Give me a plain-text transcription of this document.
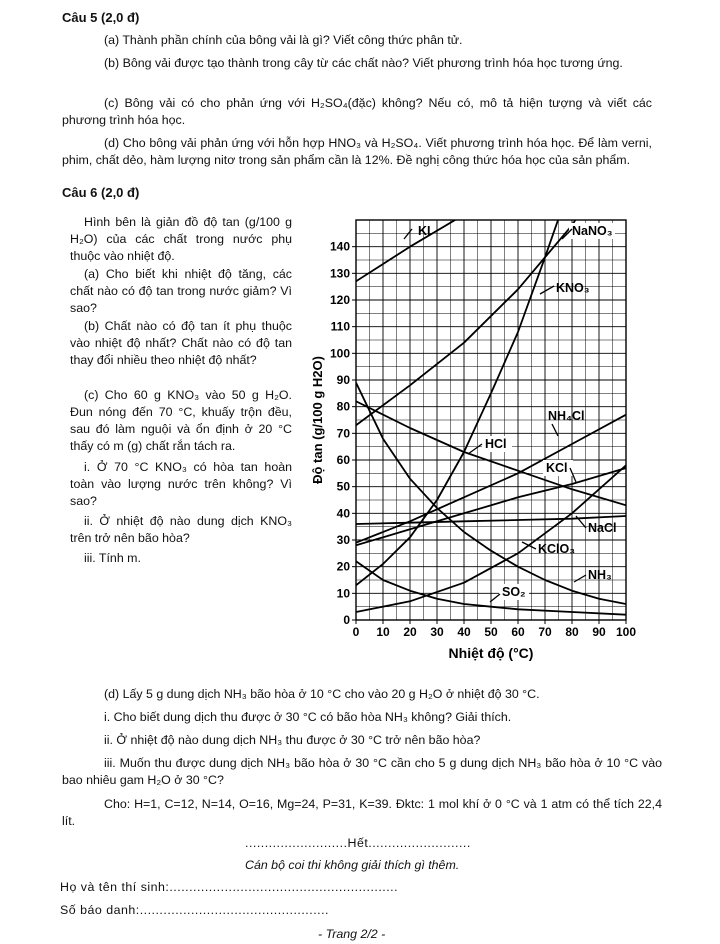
Câu 5 (2,0 đ)
(a) Thành phần chính của bông vải là gì? Viết công thức phân tử.
(b) Bông vải được tạo thành trong cây từ các chất nào? Viết phương trình hóa học tương ứng.
(c) Bông vải có cho phản ứng với H₂SO₄(đặc) không? Nếu có, mô tả hiện tượng và viết các phương trình hóa học.
(d) Cho bông vải phản ứng với hỗn hợp HNO₃ và H₂SO₄. Viết phương trình hóa học. Để làm verni, phim, chất dẻo, hàm lượng nitơ trong sản phẩm cần là 12%. Đề nghị công thức hóa học của sản phẩm.
Câu 6 (2,0 đ)
Hình bên là giản đồ độ tan (g/100 g H₂O) của các chất trong nước phụ thuộc vào nhiệt độ.
(a) Cho biết khi nhiệt độ tăng, các chất nào có độ tan trong nước giảm? Vì sao?
(b) Chất nào có độ tan ít phụ thuộc vào nhiệt độ nhất? Chất nào có độ tan thay đổi nhiều theo nhiệt độ nhất?
(c) Cho 60 g KNO₃ vào 50 g H₂O. Đun nóng đến 70 °C, khuấy trộn đều, sau đó làm nguội và ổn định ở 20 °C thấy có m (g) chất rắn tách ra.
i. Ở 70 °C KNO₃ có hòa tan hoàn toàn vào lượng nước trên không? Vì sao?
ii. Ở nhiệt độ nào dung dịch KNO₃ trên trở nên bão hòa?
iii. Tính m.
0 10 20 30 40 50 60 70 80 90 100
0
10
20
30
40
50
60
70
80
90
100
110
120
130
140
Nhiệt độ (°C)
Độ tan (g/100 g H2O)
KI	NaNO₃
KNO₃
NH₄Cl
HCl
KCl
NaCl
KClO₃
NH₃
SO₂
(d) Lấy 5 g dung dịch NH₃ bão hòa ở 10 °C cho vào 20 g H₂O ở nhiệt độ 30 °C.
i. Cho biết dung dịch thu được ở 30 °C có bão hòa NH₃ không? Giải thích.
ii. Ở nhiệt độ nào dung dịch NH₃ thu được ở 30 °C trở nên bão hòa?
iii. Muốn thu được dung dịch NH₃ bão hòa ở 30 °C cần cho 5 g dung dịch NH₃ bão hòa ở 10 °C vào bao nhiêu gam H₂O ở 30 °C?
Cho: H=1, C=12, N=14, O=16, Mg=24, P=31, K=39. Đktc: 1 mol khí ở 0 °C và 1 atm có thể tích 22,4 lít.
..........................Hết..........................
Cán bộ coi thi không giải thích gì thêm.
Họ và tên thí sinh:..........................................................
Số báo danh:................................................
- Trang 2/2 -
